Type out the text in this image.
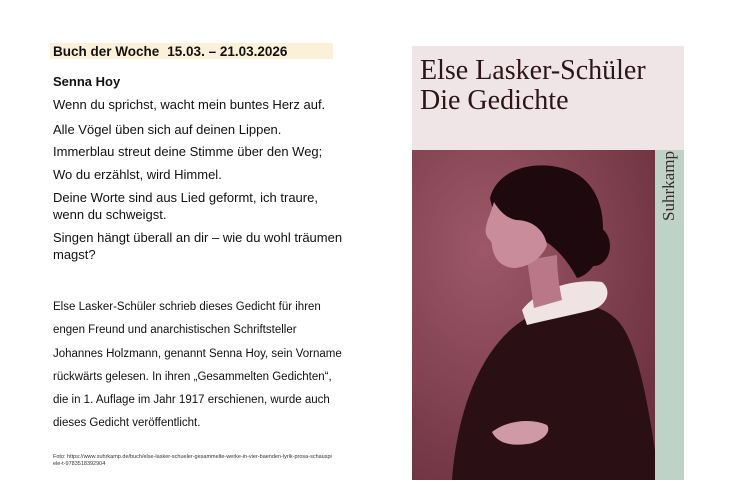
Buch der Woche 15.03. – 21.03.2026
Senna Hoy
Wenn du sprichst, wacht mein buntes Herz auf.
Alle Vögel üben sich auf deinen Lippen.
Immerblau streut deine Stimme über den Weg;
Wo du erzählst, wird Himmel.
Deine Worte sind aus Lied geformt, ich traure, wenn du schweigst.
Singen hängt überall an dir – wie du wohl träumen magst?
Else Lasker-Schüler schrieb dieses Gedicht für ihren engen Freund und anarchistischen Schriftsteller Johannes Holzmann, genannt Senna Hoy, sein Vorname rückwärts gelesen. In ihren „Gesammelten Gedichten“, die in 1. Auflage im Jahr 1917 erschienen, wurde auch dieses Gedicht veröffentlicht.
Foto: https://www.suhrkamp.de/buch/else-lasker-schueler-gesammelte-werke-in-vier-baenden-lyrik-prosa-schauspiele-t-9783518392904
Else Lasker-Schüler
Die Gedichte
Suhrkamp
